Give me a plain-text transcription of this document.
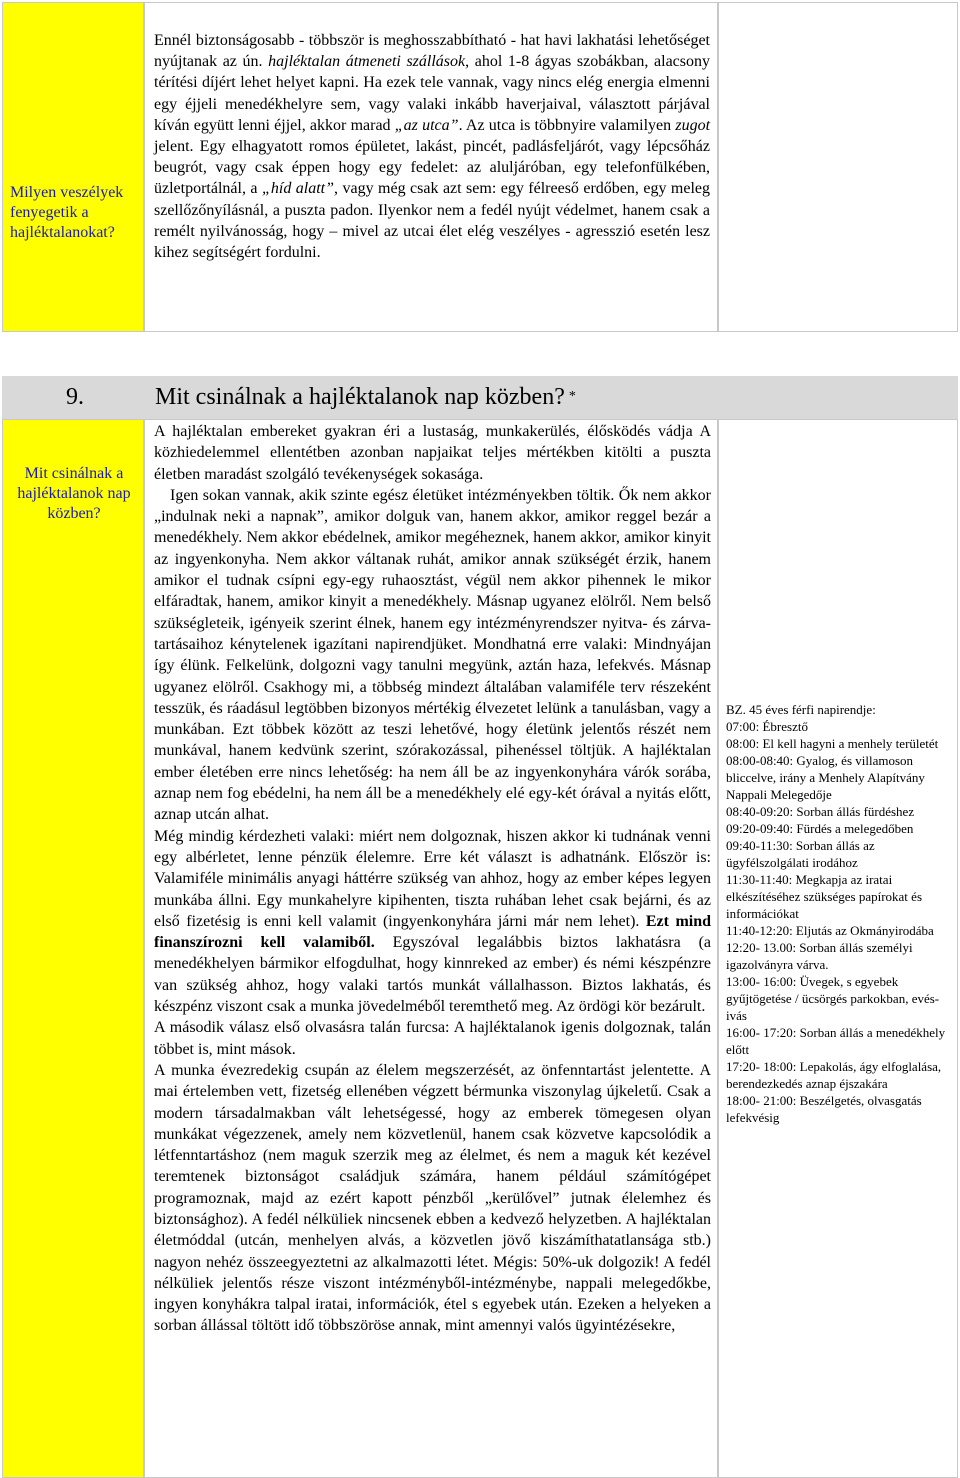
Milyen veszélyek fenyegetik a hajléktalanokat?

Ennél biztonságosabb - többször is meghosszabbítható - hat havi lakhatási lehetőséget nyújtanak az ún. hajléktalan átmeneti szállások, ahol 1-8 ágyas szobákban, alacsony térítési díjért lehet helyet kapni. Ha ezek tele vannak, vagy nincs elég energia elmenni egy éjjeli menedékhelyre sem, vagy valaki inkább haverjaival, választott párjával kíván együtt lenni éjjel, akkor marad „az utca”. Az utca is többnyire valamilyen zugot jelent. Egy elhagyatott romos épületet, lakást, pincét, padlásfeljárót, vagy lépcsőház beugrót, vagy csak éppen hogy egy fedelet: az aluljáróban, egy telefonfülkében, üzletportálnál, a „híd alatt”, vagy még csak azt sem: egy félreeső erdőben, egy meleg szellőzőnyílásnál, a puszta padon. Ilyenkor nem a fedél nyújt védelmet, hanem csak a remélt nyilvánosság, hogy – mivel az utcai élet elég veszélyes - agresszió esetén lesz kihez segítségért fordulni.

9.	Mit csinálnak a hajléktalanok nap közben? *
Mit csinálnak a hajléktalanok nap közben?

A hajléktalan embereket gyakran éri a lustaság, munkakerülés, élősködés vádja A közhiedelemmel ellentétben azonban napjaikat teljes mértékben kitölti a puszta életben maradást szolgáló tevékenységek sokasága.

Igen sokan vannak, akik szinte egész életüket intézményekben töltik. Ők nem akkor „indulnak neki a napnak”, amikor dolguk van, hanem akkor, amikor reggel bezár a menedékhely. Nem akkor ebédelnek, amikor megéheznek, hanem akkor, amikor kinyit az ingyenkonyha. Nem akkor váltanak ruhát, amikor annak szükségét érzik, hanem amikor el tudnak csípni egy-egy ruhaosztást, végül nem akkor pihennek le mikor elfáradtak, hanem, amikor kinyit a menedékhely. Másnap ugyanez elölről. Nem belső szükségleteik, igényeik szerint élnek, hanem egy intézményrendszer nyitva- és zárva-tartásaihoz kénytelenek igazítani napirendjüket. Mondhatná erre valaki: Mindnyájan így élünk. Felkelünk, dolgozni vagy tanulni megyünk, aztán haza, lefekvés. Másnap ugyanez elölről. Csakhogy mi, a többség mindezt általában valamiféle terv részeként tesszük, és ráadásul legtöbben bizonyos mértékig élvezetet lelünk a tanulásban, vagy a munkában. Ezt többek között az teszi lehetővé, hogy életünk jelentős részét nem munkával, hanem kedvünk szerint, szórakozással, pihenéssel töltjük. A hajléktalan ember életében erre nincs lehetőség: ha nem áll be az ingyenkonyhára várók sorába, aznap nem fog ebédelni, ha nem áll be a menedékhely elé egy-két órával a nyitás előtt, aznap utcán alhat.

Még mindig kérdezheti valaki: miért nem dolgoznak, hiszen akkor ki tudnának venni egy albérletet, lenne pénzük élelemre. Erre két választ is adhatnánk. Először is: Valamiféle minimális anyagi háttérre szükség van ahhoz, hogy az ember képes legyen munkába állni. Egy munkahelyre kipihenten, tiszta ruhában lehet csak bejárni, és az első fizetésig is enni kell valamit (ingyenkonyhára járni már nem lehet). Ezt mind finanszírozni kell valamiből. Egyszóval legalábbis biztos lakhatásra (a menedékhelyen bármikor elfogdulhat, hogy kinnreked az ember) és némi készpénzre van szükség ahhoz, hogy valaki tartós munkát vállalhasson. Biztos lakhatás, és készpénz viszont csak a munka jövedelméből teremthető meg. Az ördögi kör bezárult.

A második válasz első olvasásra talán furcsa: A hajléktalanok igenis dolgoznak, talán többet is, mint mások.

A munka évezredekig csupán az élelem megszerzését, az önfenntartást jelentette. A mai értelemben vett, fizetség ellenében végzett bérmunka viszonylag újkeletű. Csak a modern társadalmakban vált lehetségessé, hogy az emberek tömegesen olyan munkákat végezzenek, amely nem közvetlenül, hanem csak közvetve kapcsolódik a létfenntartáshoz (nem maguk szerzik meg az élelmet, és nem a maguk két kezével teremtenek biztonságot családjuk számára, hanem például számítógépet programoznak, majd az ezért kapott pénzből „kerülővel” jutnak élelemhez és biztonsághoz). A fedél nélküliek nincsenek ebben a kedvező helyzetben. A hajléktalan életmóddal (utcán, menhelyen alvás, a közvetlen jövő kiszámíthatatlansága stb.) nagyon nehéz összeegyeztetni az alkalmazotti létet. Mégis: 50%-uk dolgozik! A fedél nélküliek jelentős része viszont intézményből-intézménybe, nappali melegedőkbe, ingyen konyhákra talpal iratai, információk, étel s egyebek után. Ezeken a helyeken a sorban állással töltött idő többszöröse annak, mint amennyi valós ügyintézésekre,

BZ. 45 éves férfi napirendje:

07:00: Ébresztő

08:00: El kell hagyni a menhely területét

08:00-08:40: Gyalog, és villamoson bliccelve, irány a Menhely Alapítvány Nappali Melegedője

08:40-09:20: Sorban állás fürdéshez

09:20-09:40: Fürdés a melegedőben

09:40-11:30: Sorban állás az ügyfélszolgálati irodához

11:30-11:40: Megkapja az iratai elkészítéséhez szükséges papírokat és információkat

11:40-12:20: Eljutás az Okmányirodába

12:20- 13.00: Sorban állás személyi igazolványra várva.

13:00- 16:00: Üvegek, s egyebek gyűjtögetése / ücsörgés parkokban, evés-ivás

16:00- 17:20: Sorban állás a menedékhely előtt

17:20- 18:00: Lepakolás, ágy elfoglalása, berendezkedés aznap éjszakára

18:00- 21:00: Beszélgetés, olvasgatás lefekvésig
